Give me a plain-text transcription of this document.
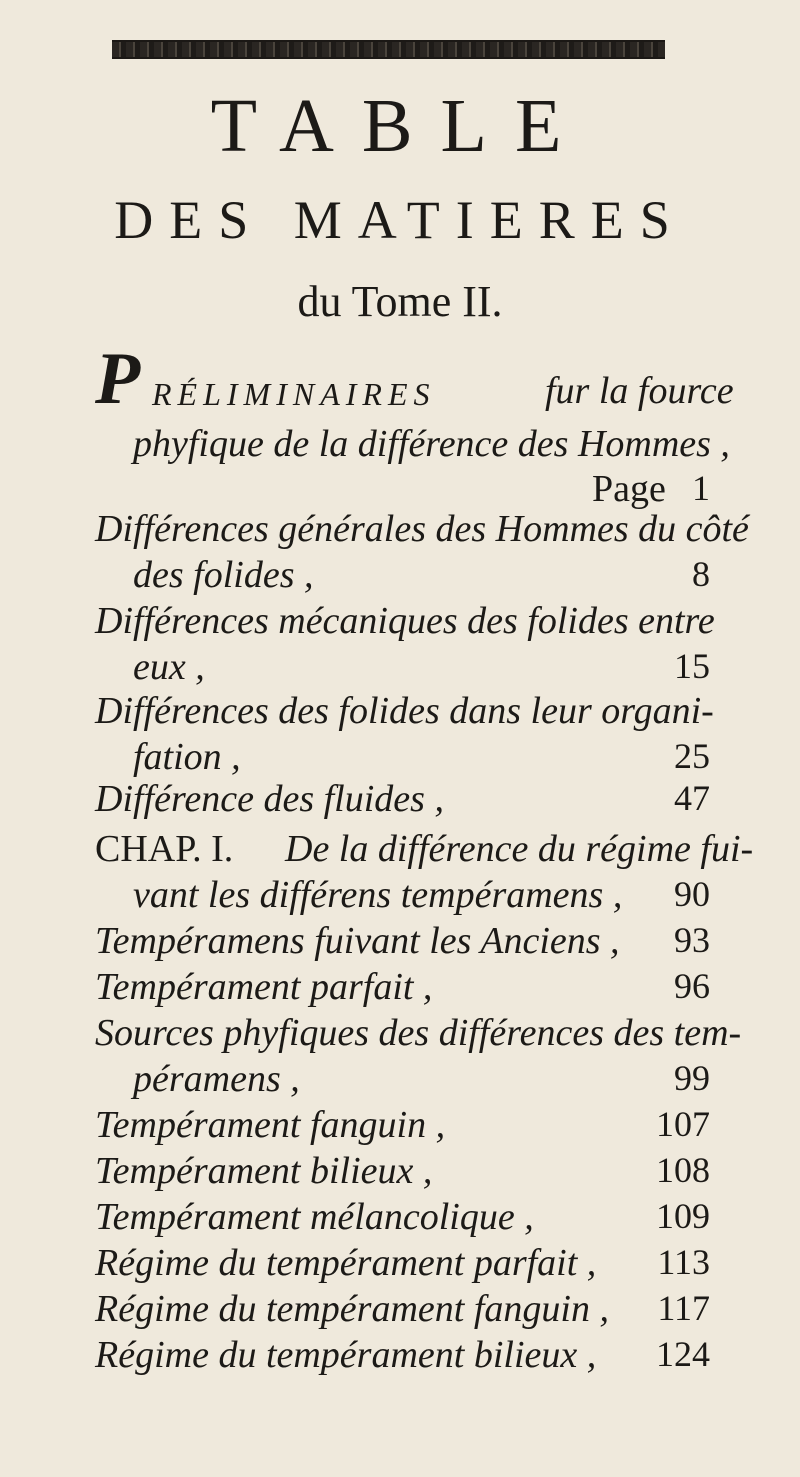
TABLE
DES MATIERES
du Tome II.
P RÉLIMINAIRES	fur la fource
phyfique de la différence des Hommes ,
Page 1
Différences générales des Hommes du côté
des folides ,	8
Différences mécaniques des folides entre
eux ,	15
Différences des folides dans leur organi-
fation ,	25
Différence des fluides ,	47
CHAP. I. De la différence du régime fui-
vant les différens tempéramens ,	90
Tempéramens fuivant les Anciens ,	93
Tempérament parfait ,	96
Sources phyfiques des différences des tem-
péramens ,	99
Tempérament fanguin ,	107
Tempérament bilieux ,	108
Tempérament mélancolique ,	109
Régime du tempérament parfait ,	113
Régime du tempérament fanguin ,	117
Régime du tempérament bilieux ,	124
